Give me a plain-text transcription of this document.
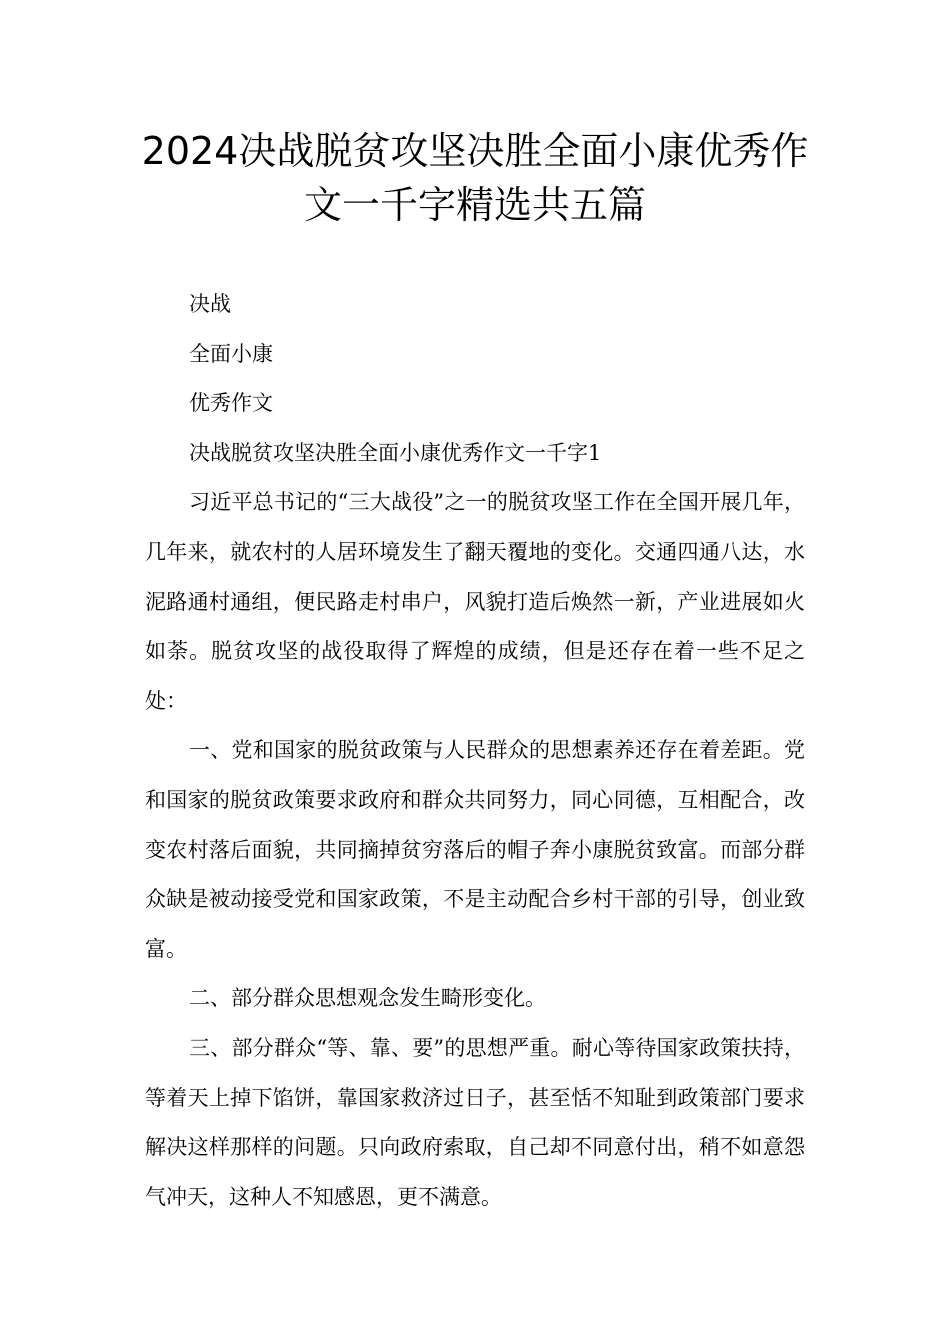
2024决战脱贫攻坚决胜全面小康优秀作
文一千字精选共五篇

决战

全面小康

优秀作文

决战脱贫攻坚决胜全面小康优秀作文一千字1

习近平总书记的“三大战役”之一的脱贫攻坚工作在全国开展几年，几年来，就农村的人居环境发生了翻天覆地的变化。交通四通八达，水泥路通村通组，便民路走村串户，风貌打造后焕然一新，产业进展如火如荼。脱贫攻坚的战役取得了辉煌的成绩，但是还存在着一些不足之处：

一、党和国家的脱贫政策与人民群众的思想素养还存在着差距。党和国家的脱贫政策要求政府和群众共同努力，同心同德，互相配合，改变农村落后面貌，共同摘掉贫穷落后的帽子奔小康脱贫致富。而部分群众缺是被动接受党和国家政策，不是主动配合乡村干部的引导，创业致富。

二、部分群众思想观念发生畸形变化。

三、部分群众“等、靠、要”的思想严重。耐心等待国家政策扶持，等着天上掉下馅饼，靠国家救济过日子，甚至恬不知耻到政策部门要求解决这样那样的问题。只向政府索取，自己却不同意付出，稍不如意怨气冲天，这种人不知感恩，更不满意。
